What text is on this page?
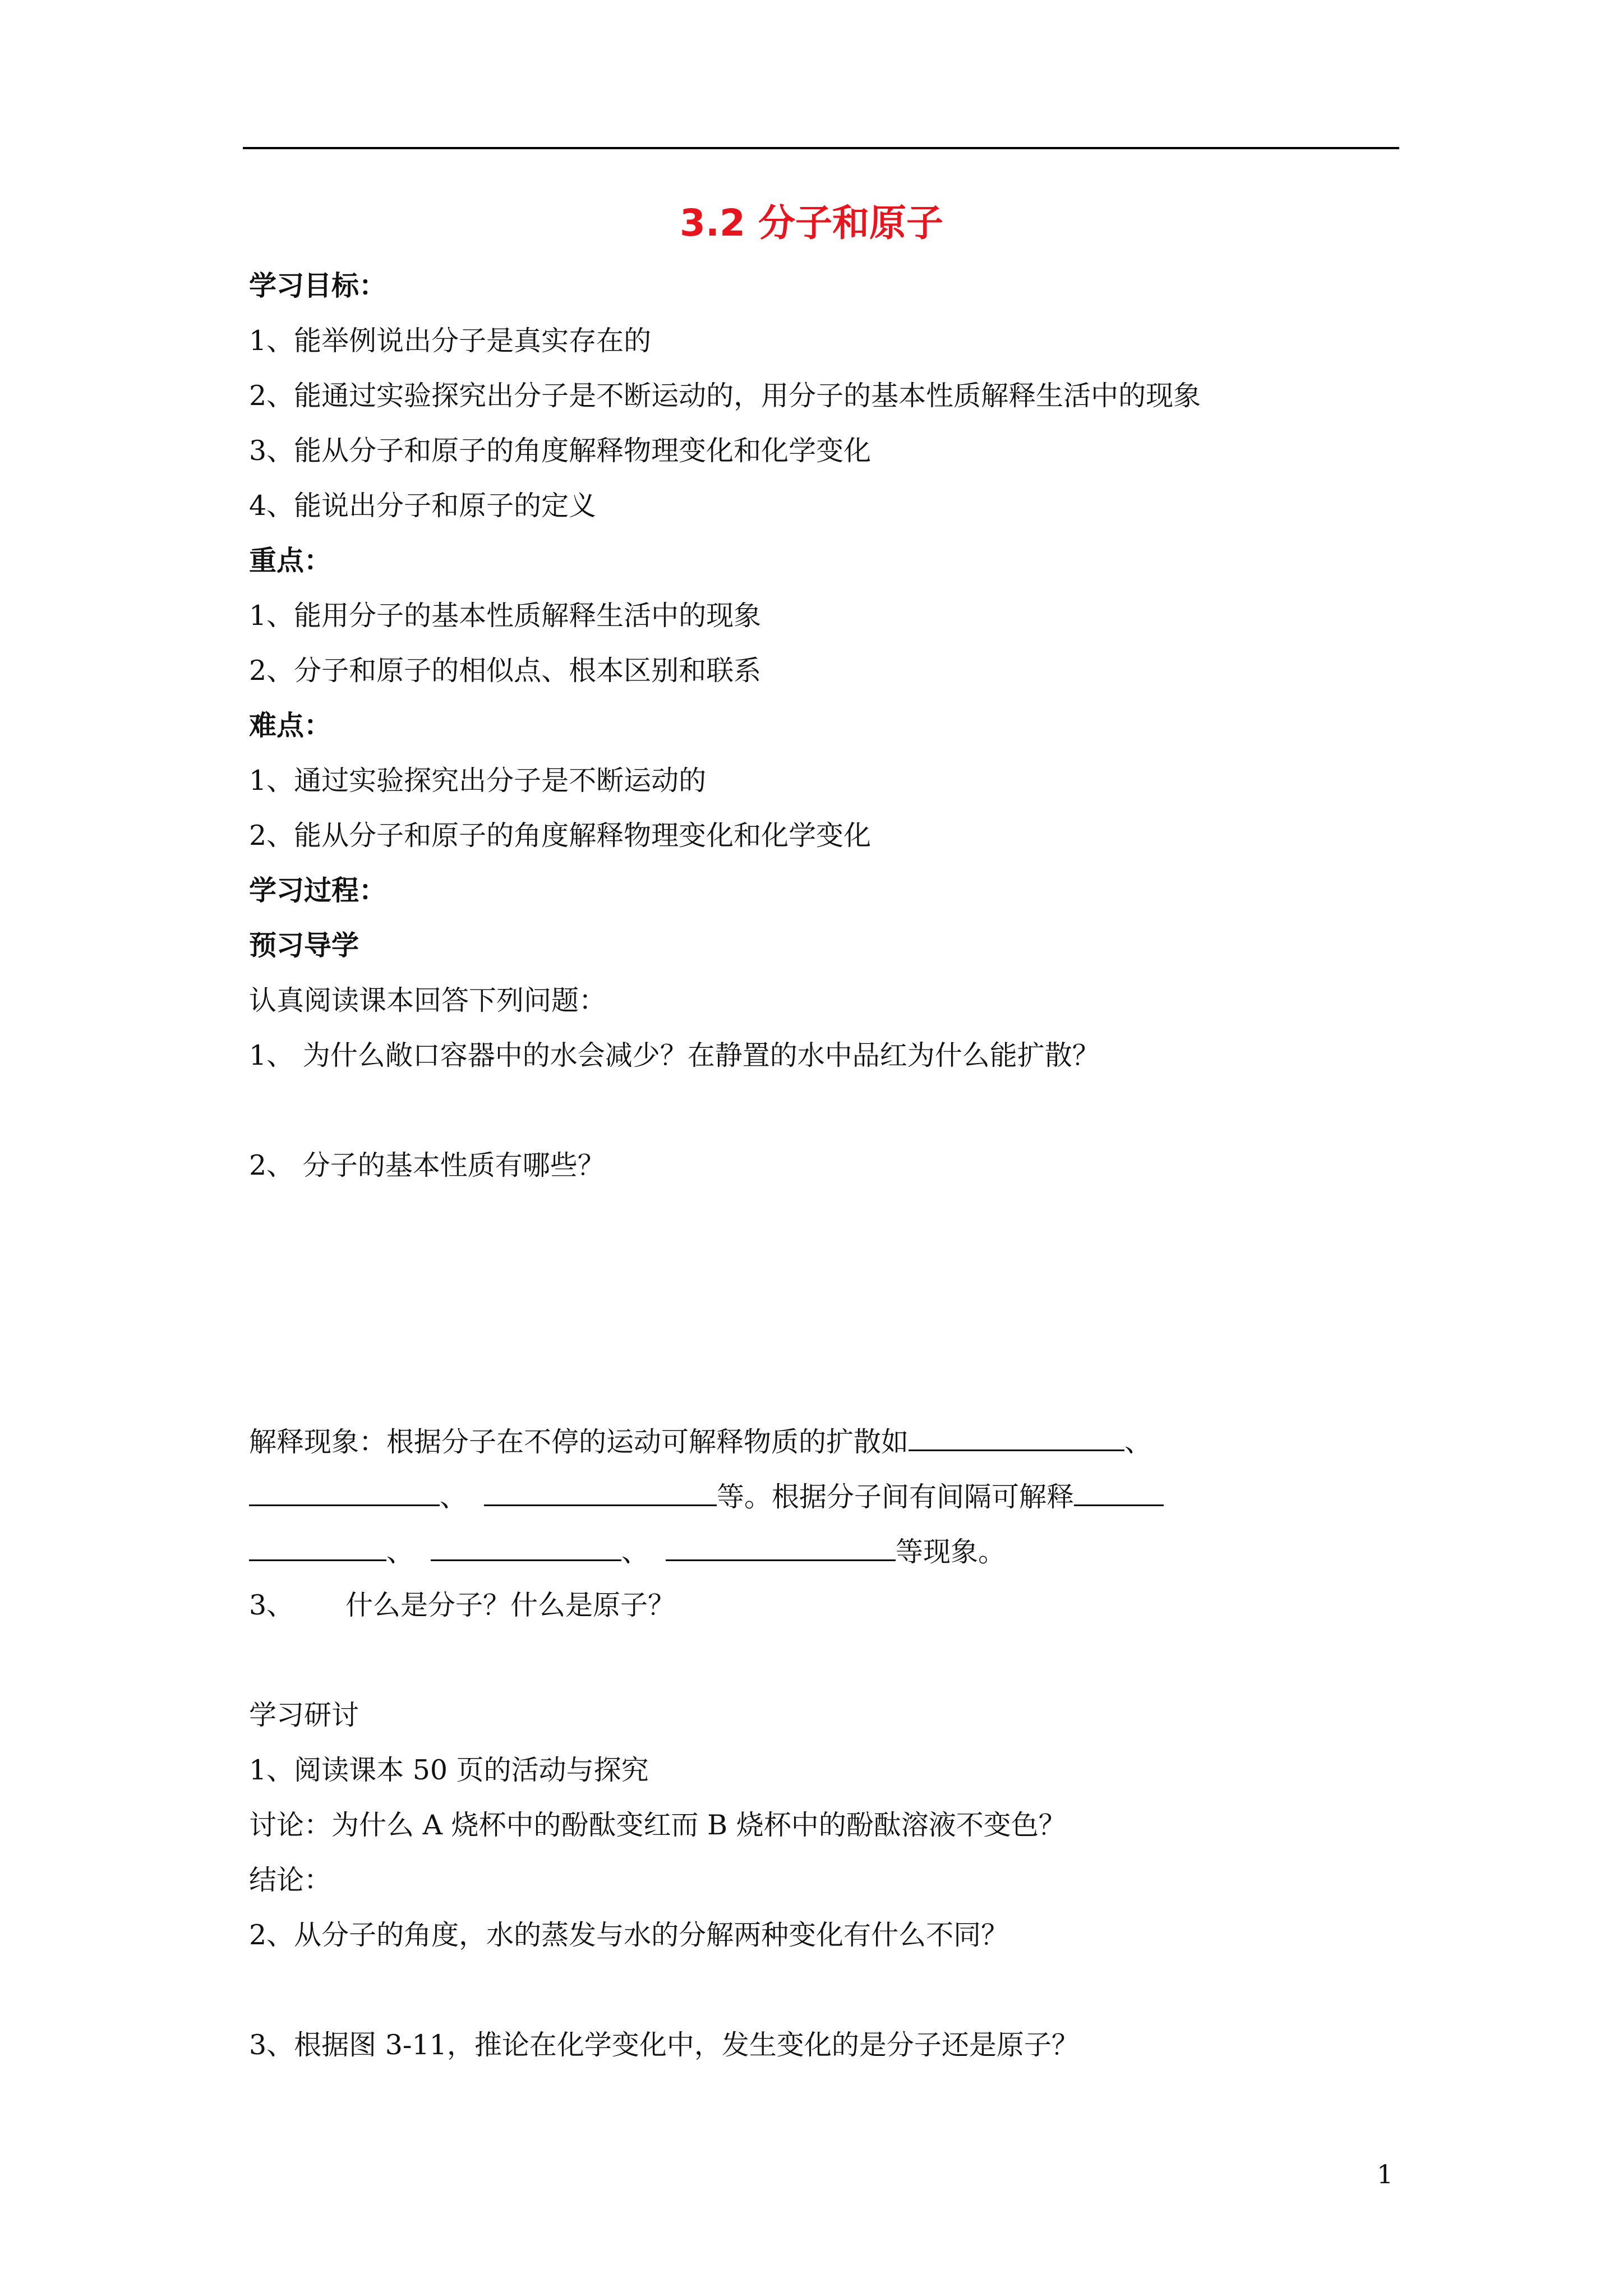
3.2 分子和原子

学习目标：

1、能举例说出分子是真实存在的

2、能通过实验探究出分子是不断运动的，用分子的基本性质解释生活中的现象

3、能从分子和原子的角度解释物理变化和化学变化

4、能说出分子和原子的定义

重点：

1、能用分子的基本性质解释生活中的现象

2、分子和原子的相似点、根本区别和联系

难点：

1、通过实验探究出分子是不断运动的

2、能从分子和原子的角度解释物理变化和化学变化

学习过程：

预习导学

认真阅读课本回答下列问题：

1、 为什么敞口容器中的水会减少？在静置的水中品红为什么能扩散？

2、 分子的基本性质有哪些？

解释现象：根据分子在不停的运动可解释物质的扩散如	、

、	等。根据分子间有间隔可解释

、	、	等现象。

3、 什么是分子？什么是原子？

学习研讨

1、阅读课本 50 页的活动与探究

讨论：为什么 A 烧杯中的酚酞变红而 B 烧杯中的酚酞溶液不变色？

结论：

2、从分子的角度，水的蒸发与水的分解两种变化有什么不同？

3、根据图 3-11，推论在化学变化中，发生变化的是分子还是原子？

1
